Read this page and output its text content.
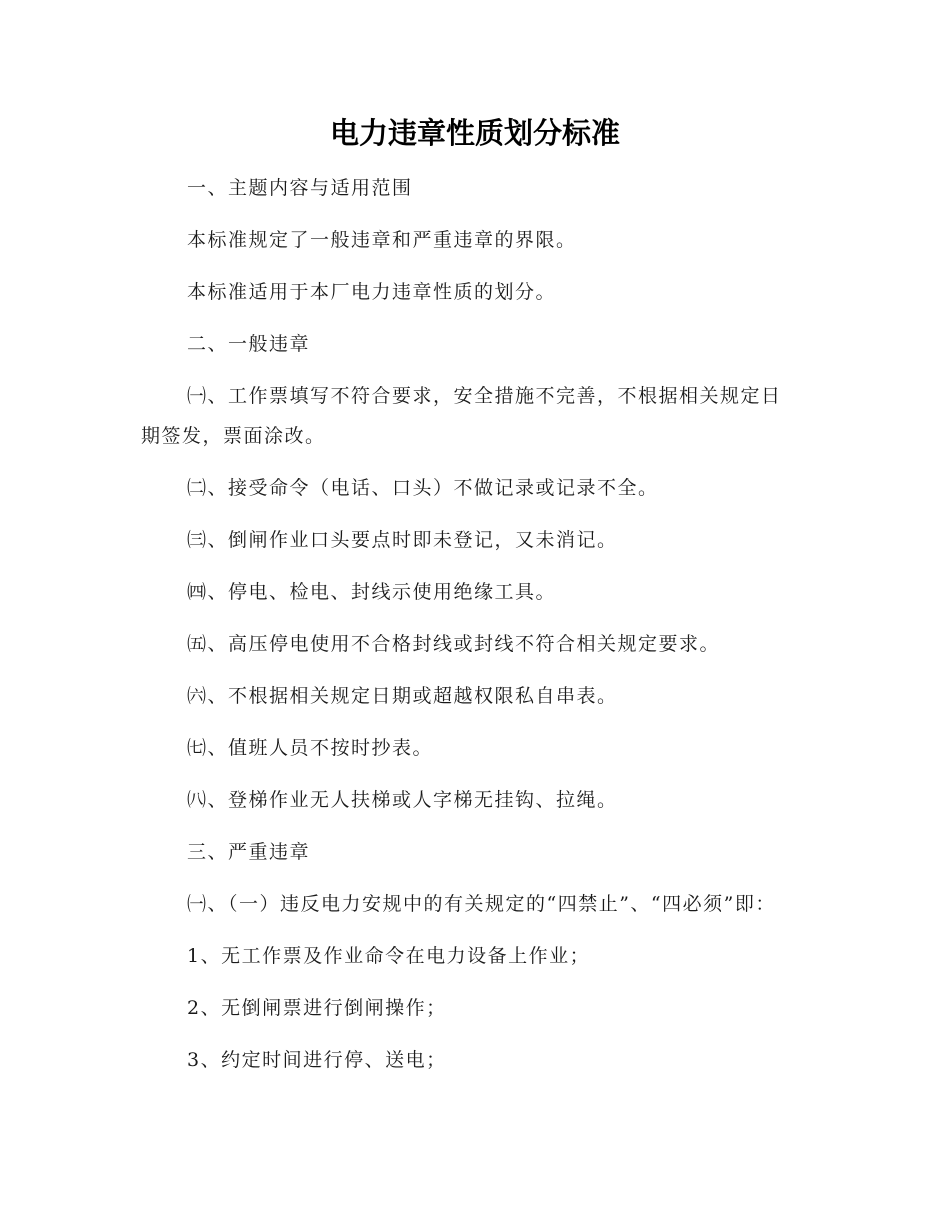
电力违章性质划分标准

一、主题内容与适用范围

本标准规定了一般违章和严重违章的界限。

本标准适用于本厂电力违章性质的划分。

二、一般违章

㈠、工作票填写不符合要求，安全措施不完善，不根据相关规定日期签发，票面涂改。

㈡、接受命令（电话、口头）不做记录或记录不全。

㈢、倒闸作业口头要点时即未登记，又未消记。

㈣、停电、检电、封线示使用绝缘工具。

㈤、高压停电使用不合格封线或封线不符合相关规定要求。

㈥、不根据相关规定日期或超越权限私自串表。

㈦、值班人员不按时抄表。

㈧、登梯作业无人扶梯或人字梯无挂钩、拉绳。

三、严重违章

㈠、（一）违反电力安规中的有关规定的“四禁止”、“四必须”即：

1、无工作票及作业命令在电力设备上作业；

2、无倒闸票进行倒闸操作；

3、约定时间进行停、送电；
